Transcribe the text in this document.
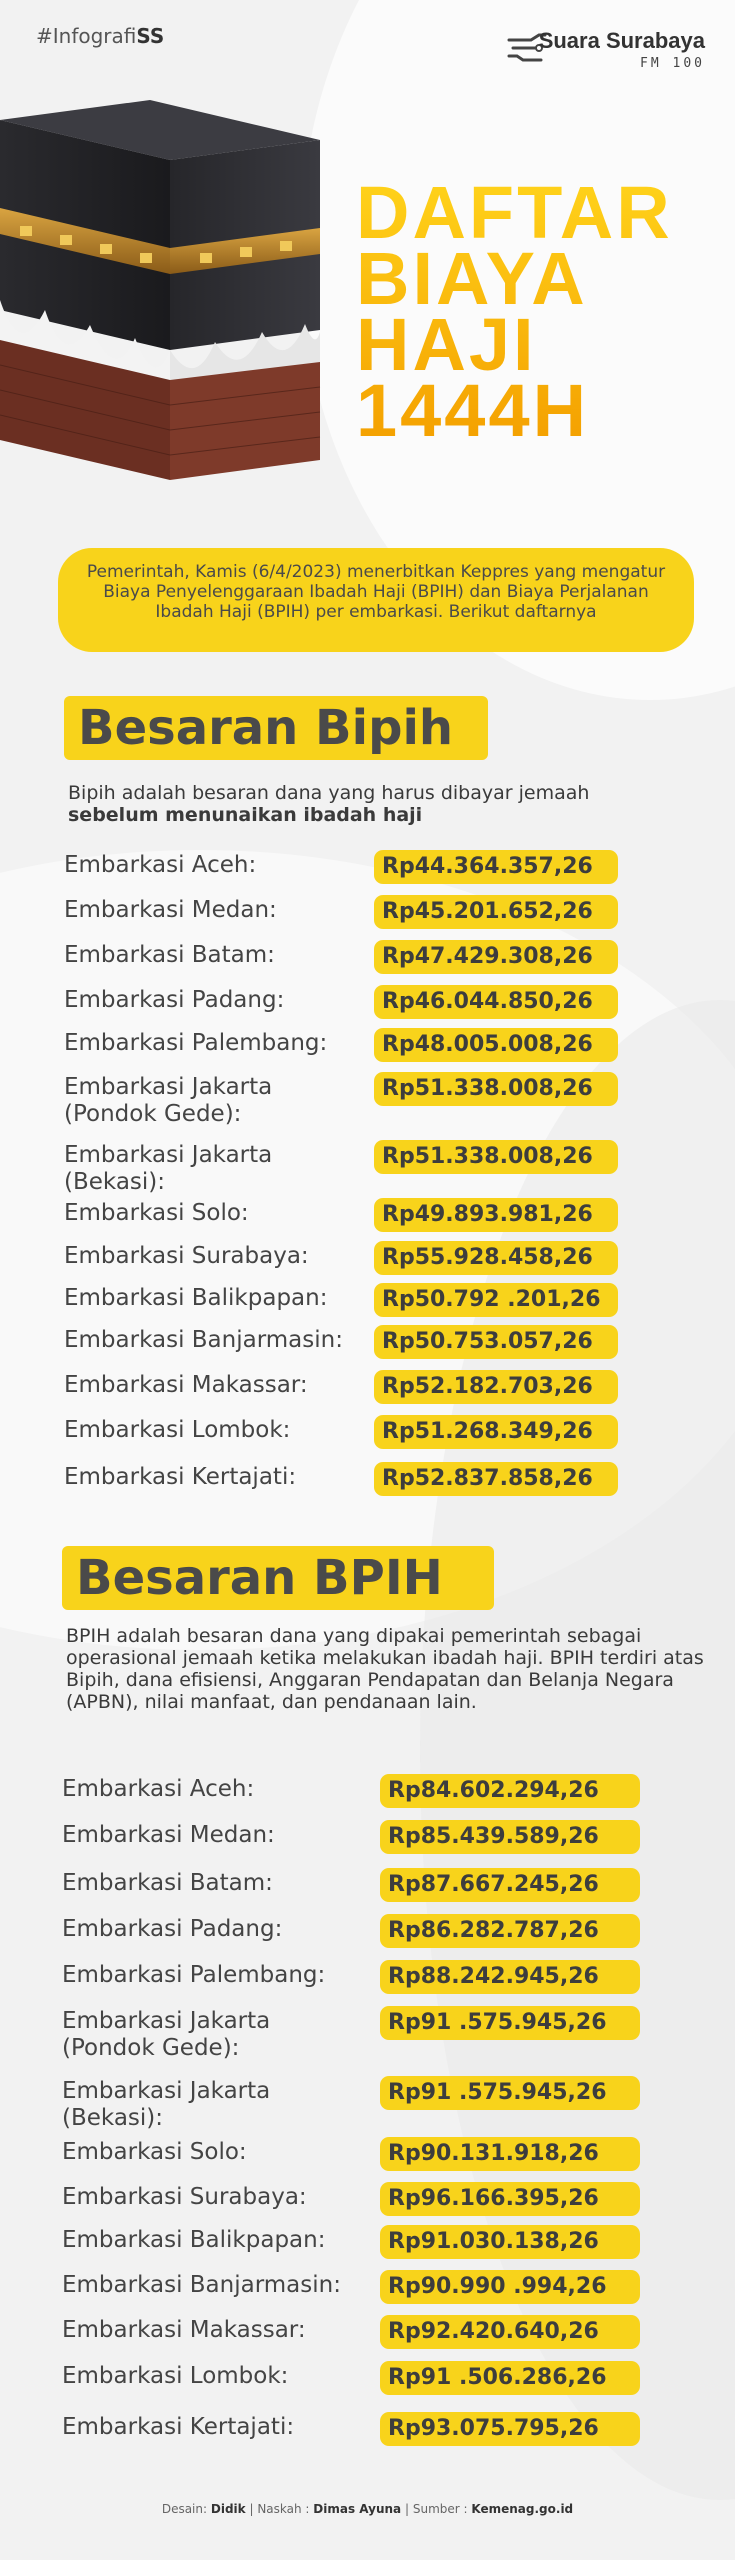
#InfografiSS	Suara Surabaya
FM 100
DAFTAR
BIAYA
HAJI
1444H
Pemerintah, Kamis (6/4/2023) menerbitkan Keppres yang mengatur Biaya Penyelenggaraan Ibadah Haji (BPIH) dan Biaya Perjalanan Ibadah Haji (BPIH) per embarkasi. Berikut daftarnya
Besaran Bipih
Bipih adalah besaran dana yang harus dibayar jemaah
sebelum menunaikan ibadah haji
Embarkasi Aceh:	Rp44.364.357,26
Embarkasi Medan:	Rp45.201.652,26
Embarkasi Batam:	Rp47.429.308,26
Embarkasi Padang:	Rp46.044.850,26
Embarkasi Palembang:	Rp48.005.008,26
Embarkasi Jakarta
(Pondok Gede):
Rp51.338.008,26
Embarkasi Jakarta
(Bekasi):
Rp51.338.008,26
Embarkasi Solo:	Rp49.893.981,26
Embarkasi Surabaya:	Rp55.928.458,26
Embarkasi Balikpapan:	Rp50.792 .201,26
Embarkasi Banjarmasin:	Rp50.753.057,26
Embarkasi Makassar:	Rp52.182.703,26
Embarkasi Lombok:	Rp51.268.349,26
Embarkasi Kertajati:	Rp52.837.858,26
Besaran BPIH
BPIH adalah besaran dana yang dipakai pemerintah sebagai operasional jemaah ketika melakukan ibadah haji. BPIH terdiri atas Bipih, dana efisiensi, Anggaran Pendapatan dan Belanja Negara (APBN), nilai manfaat, dan pendanaan lain.
Embarkasi Aceh:	Rp84.602.294,26
Embarkasi Medan:	Rp85.439.589,26
Embarkasi Batam:	Rp87.667.245,26
Embarkasi Padang:	Rp86.282.787,26
Embarkasi Palembang:	Rp88.242.945,26
Embarkasi Jakarta
(Pondok Gede):
Rp91 .575.945,26
Embarkasi Jakarta
(Bekasi):
Rp91 .575.945,26
Embarkasi Solo:	Rp90.131.918,26
Embarkasi Surabaya:	Rp96.166.395,26
Embarkasi Balikpapan:	Rp91.030.138,26
Embarkasi Banjarmasin:	Rp90.990 .994,26
Embarkasi Makassar:	Rp92.420.640,26
Embarkasi Lombok:	Rp91 .506.286,26
Embarkasi Kertajati:	Rp93.075.795,26
Desain: Didik | Naskah : Dimas Ayuna | Sumber : Kemenag.go.id
